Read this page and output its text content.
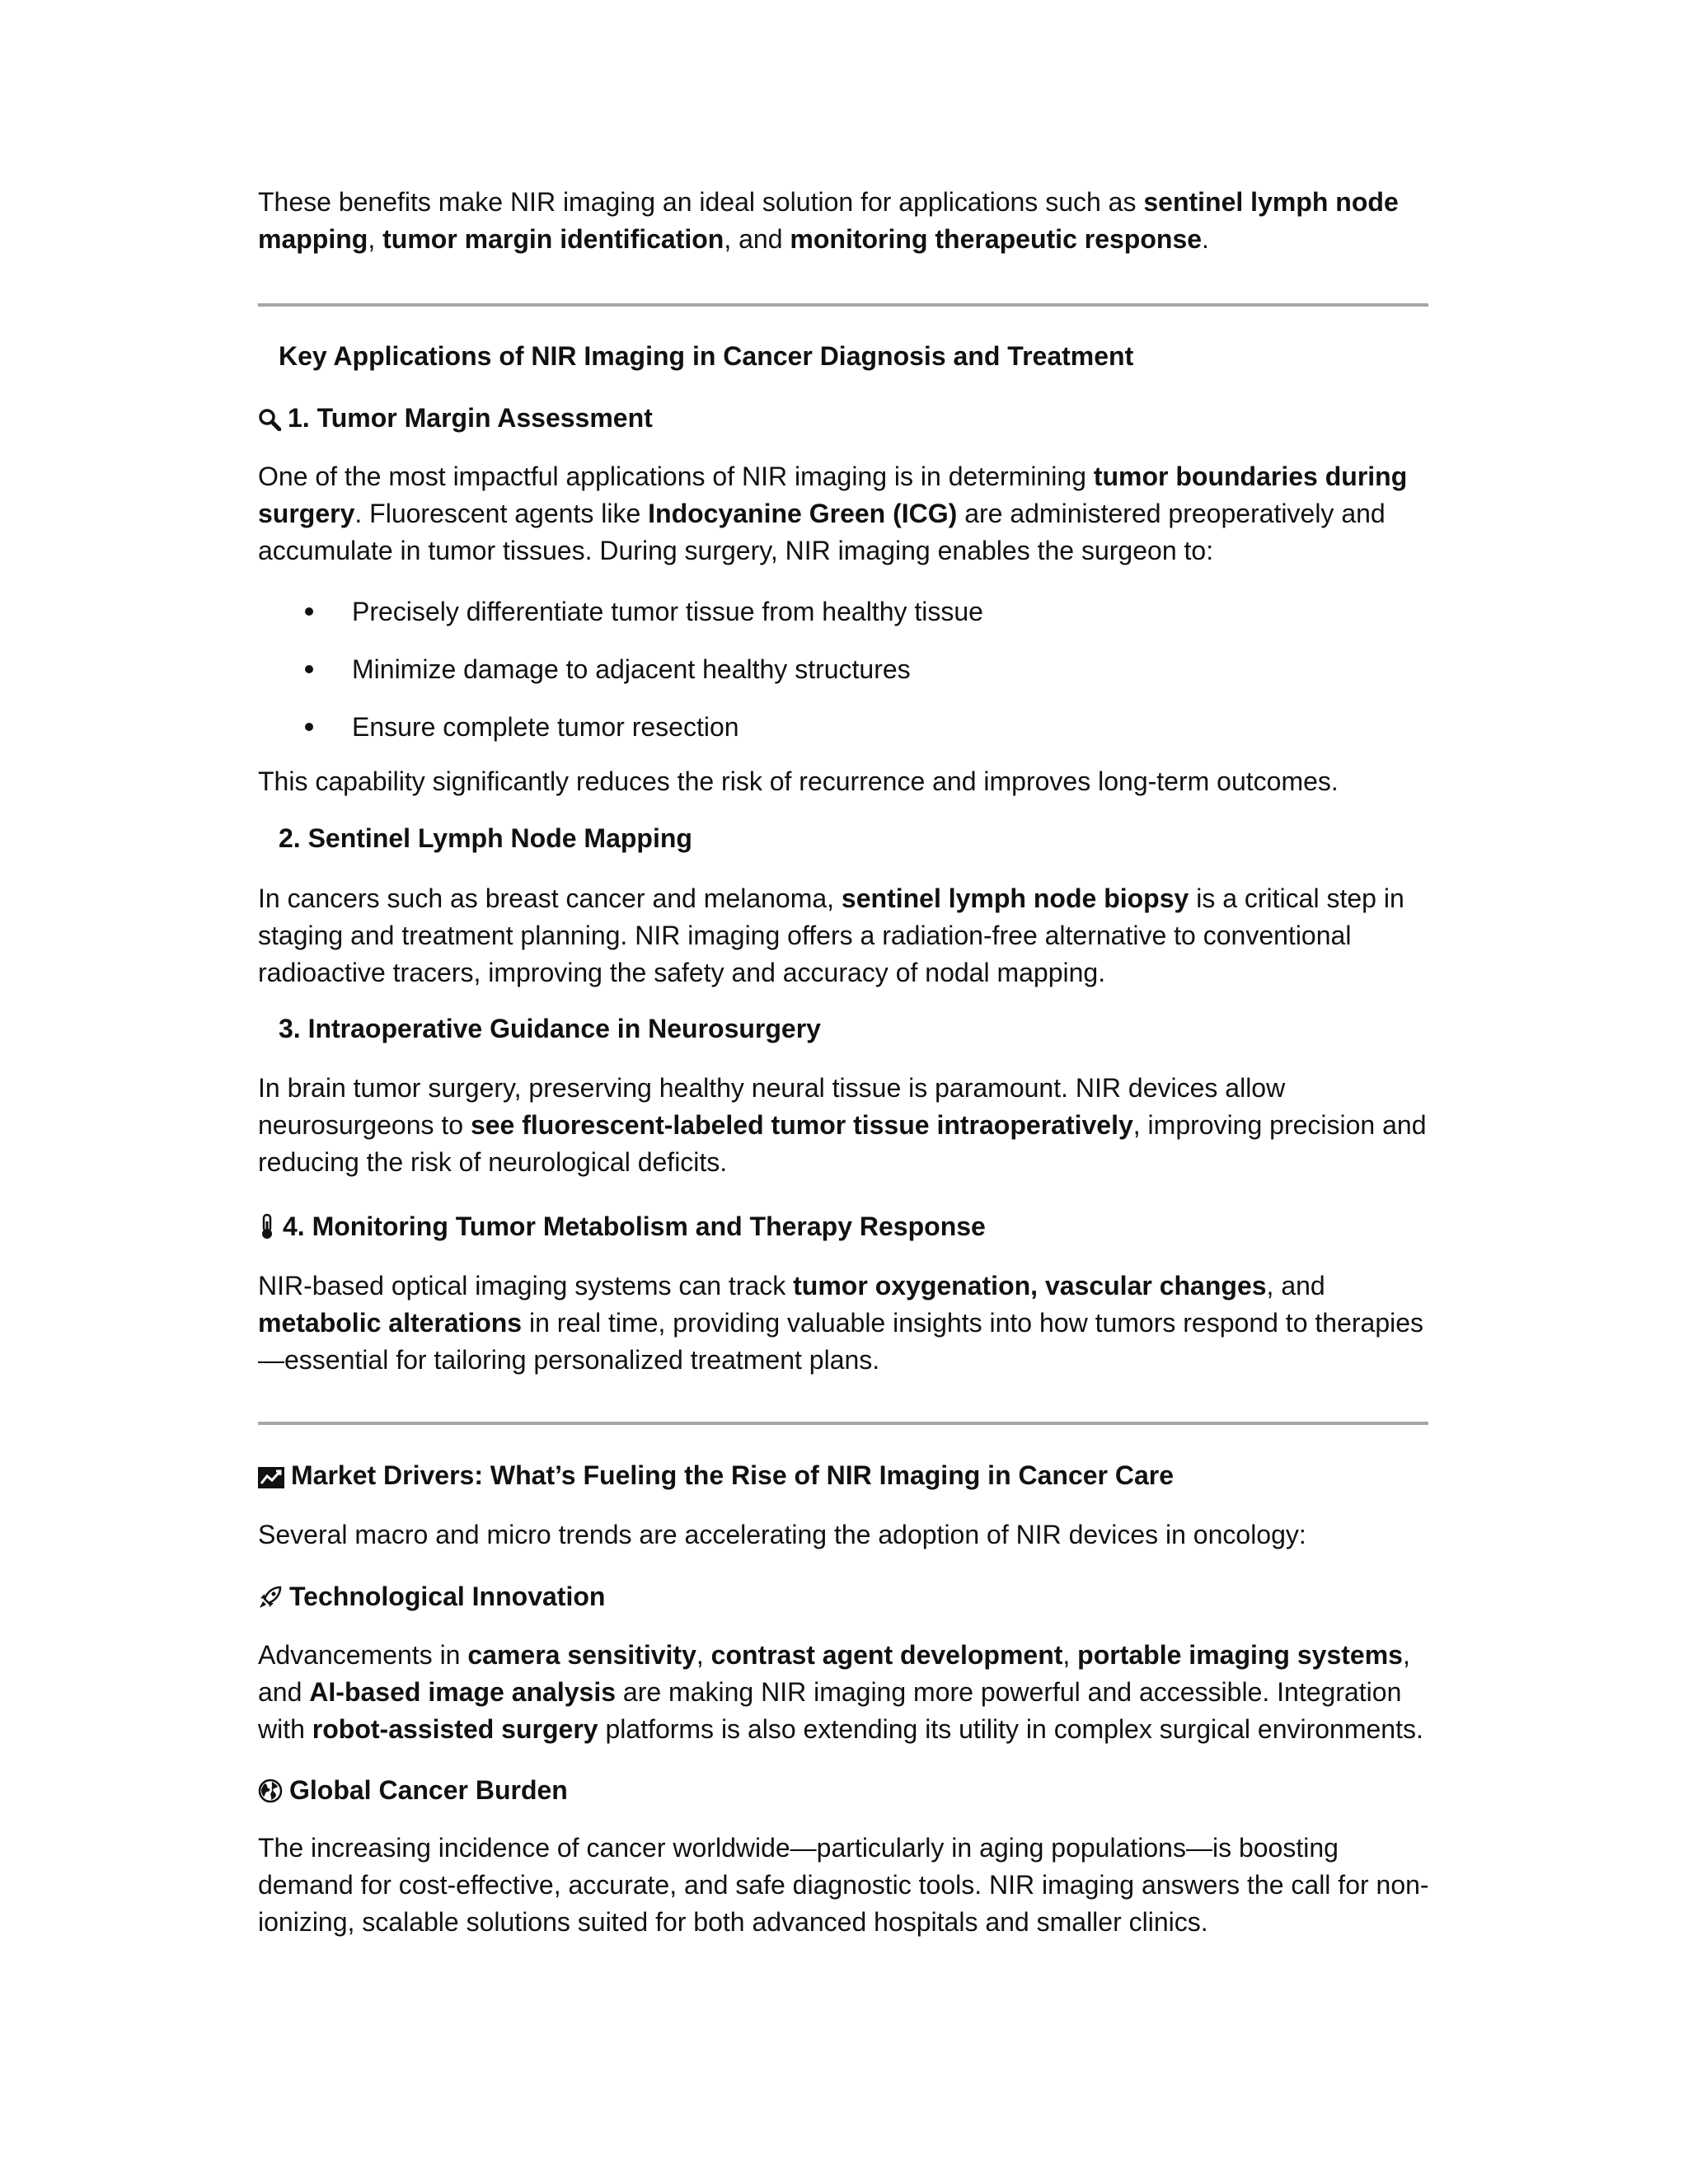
These benefits make NIR imaging an ideal solution for applications such as sentinel lymph node mapping, tumor margin identification, and monitoring therapeutic response.

Key Applications of NIR Imaging in Cancer Diagnosis and Treatment
1. Tumor Margin Assessment

One of the most impactful applications of NIR imaging is in determining tumor boundaries during surgery. Fluorescent agents like Indocyanine Green (ICG) are administered preoperatively and accumulate in tumor tissues. During surgery, NIR imaging enables the surgeon to:

Precisely differentiate tumor tissue from healthy tissue
Minimize damage to adjacent healthy structures
Ensure complete tumor resection

This capability significantly reduces the risk of recurrence and improves long-term outcomes.

2. Sentinel Lymph Node Mapping

In cancers such as breast cancer and melanoma, sentinel lymph node biopsy is a critical step in staging and treatment planning. NIR imaging offers a radiation-free alternative to conventional radioactive tracers, improving the safety and accuracy of nodal mapping.

3. Intraoperative Guidance in Neurosurgery

In brain tumor surgery, preserving healthy neural tissue is paramount. NIR devices allow neurosurgeons to see fluorescent-labeled tumor tissue intraoperatively, improving precision and reducing the risk of neurological deficits.

4. Monitoring Tumor Metabolism and Therapy Response

NIR-based optical imaging systems can track tumor oxygenation, vascular changes, and metabolic alterations in real time, providing valuable insights into how tumors respond to therapies—essential for tailoring personalized treatment plans.

Market Drivers: What’s Fueling the Rise of NIR Imaging in Cancer Care

Several macro and micro trends are accelerating the adoption of NIR devices in oncology:

Technological Innovation

Advancements in camera sensitivity, contrast agent development, portable imaging systems, and AI-based image analysis are making NIR imaging more powerful and accessible. Integration with robot-assisted surgery platforms is also extending its utility in complex surgical environments.

Global Cancer Burden

The increasing incidence of cancer worldwide—particularly in aging populations—is boosting demand for cost-effective, accurate, and safe diagnostic tools. NIR imaging answers the call for non-ionizing, scalable solutions suited for both advanced hospitals and smaller clinics.
